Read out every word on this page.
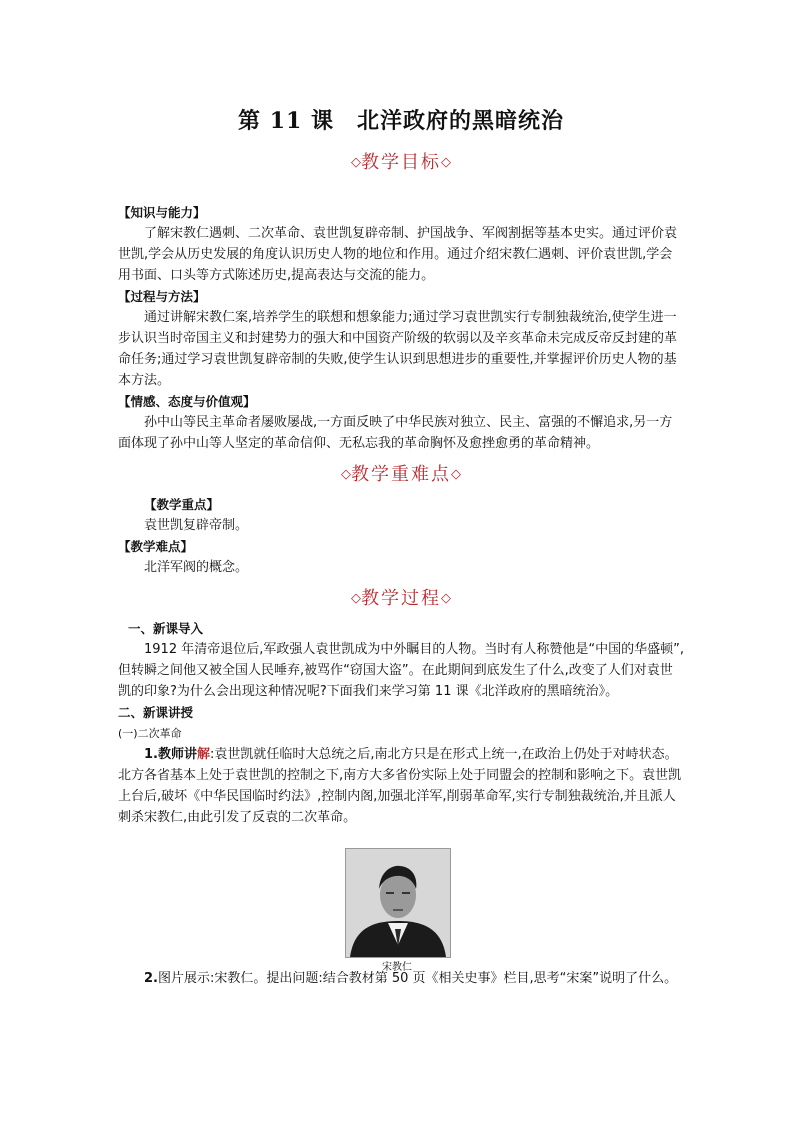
第 11 课　北洋政府的黑暗统治
◇教学目标◇
【知识与能力】

了解宋教仁遇刺、二次革命、袁世凯复辟帝制、护国战争、军阀割据等基本史实。通过评价袁世凯,学会从历史发展的角度认识历史人物的地位和作用。通过介绍宋教仁遇刺、评价袁世凯,学会用书面、口头等方式陈述历史,提高表达与交流的能力。

【过程与方法】

通过讲解宋教仁案,培养学生的联想和想象能力;通过学习袁世凯实行专制独裁统治,使学生进一步认识当时帝国主义和封建势力的强大和中国资产阶级的软弱以及辛亥革命未完成反帝反封建的革命任务;通过学习袁世凯复辟帝制的失败,使学生认识到思想进步的重要性,并掌握评价历史人物的基本方法。

【情感、态度与价值观】

孙中山等民主革命者屡败屡战,一方面反映了中华民族对独立、民主、富强的不懈追求,另一方面体现了孙中山等人坚定的革命信仰、无私忘我的革命胸怀及愈挫愈勇的革命精神。

◇教学重难点◇
【教学重点】

袁世凯复辟帝制。

【教学难点】

北洋军阀的概念。

◇教学过程◇
一、新课导入

1912 年清帝退位后,军政强人袁世凯成为中外瞩目的人物。当时有人称赞他是“中国的华盛顿”,但转瞬之间他又被全国人民唾弃,被骂作“窃国大盗”。在此期间到底发生了什么,改变了人们对袁世凯的印象?为什么会出现这种情况呢?下面我们来学习第 11 课《北洋政府的黑暗统治》。

二、新课讲授
(一)二次革命

1.教师讲解:袁世凯就任临时大总统之后,南北方只是在形式上统一,在政治上仍处于对峙状态。北方各省基本上处于袁世凯的控制之下,南方大多省份实际上处于同盟会的控制和影响之下。袁世凯上台后,破坏《中华民国临时约法》,控制内阁,加强北洋军,削弱革命军,实行专制独裁统治,并且派人刺杀宋教仁,由此引发了反袁的二次革命。

宋教仁

2.图片展示:宋教仁。提出问题:结合教材第 50 页《相关史事》栏目,思考“宋案”说明了什么。
